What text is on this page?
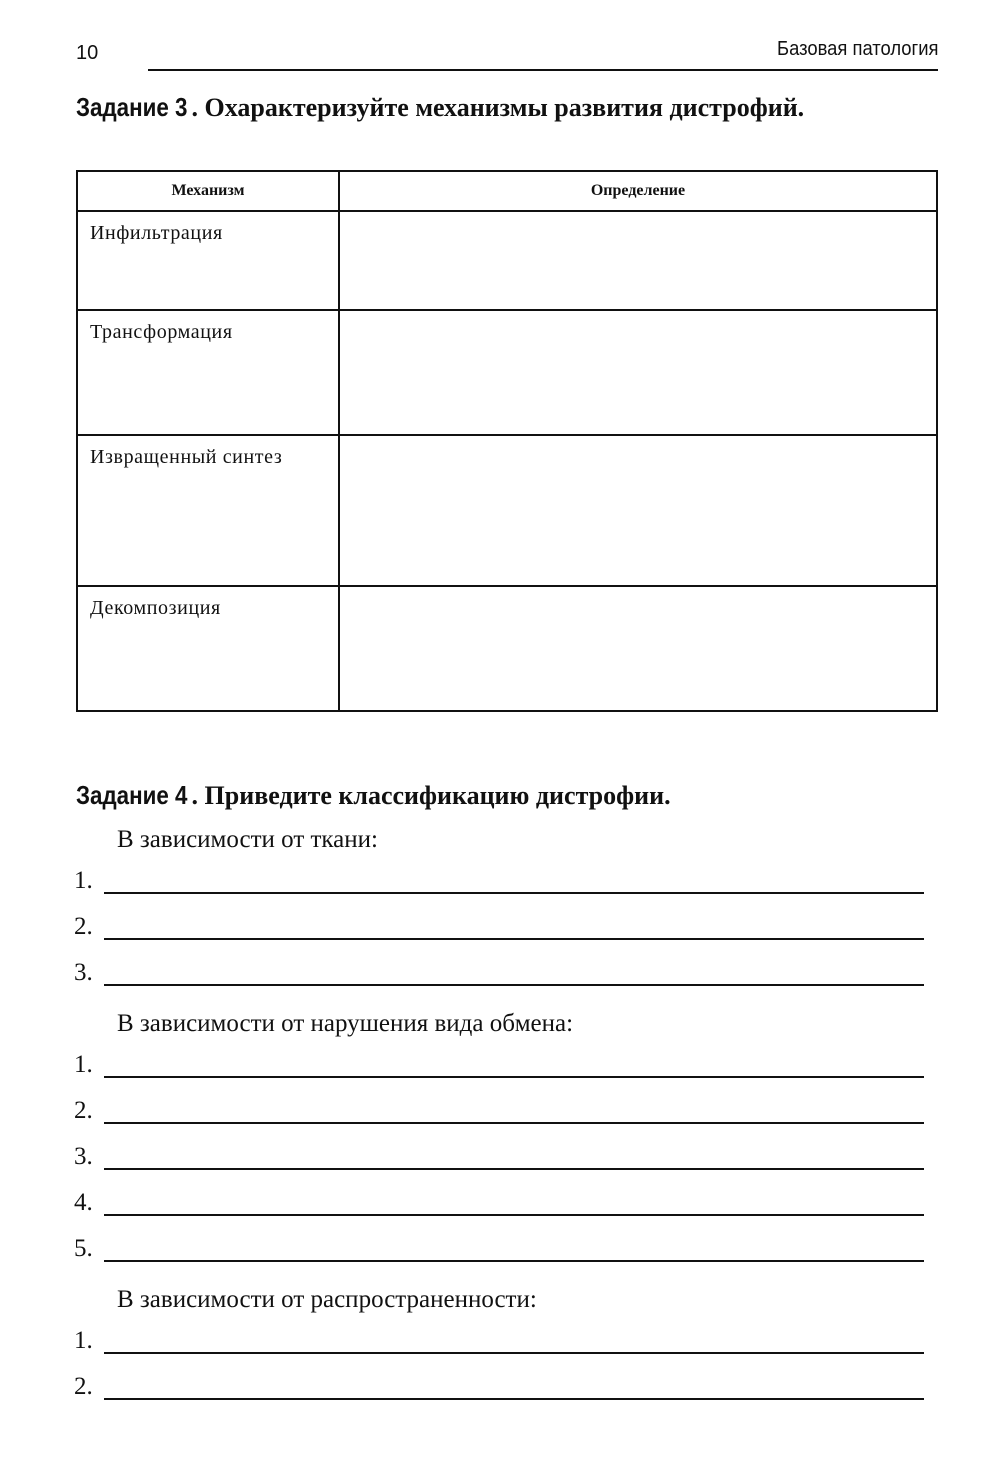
10	Базовая патология
Задание 3 . Охарактеризуйте механизмы развития дистрофий.
Механизм	Определение
Инфильтрация	
Трансформация	
Извращенный синтез	
Декомпозиция	
Задание 4 . Приведите классификацию дистрофии.
В зависимости от ткани:
1.
2.
3.
В зависимости от нарушения вида обмена:
1.
2.
3.
4.
5.
В зависимости от распространенности:
1.
2.
